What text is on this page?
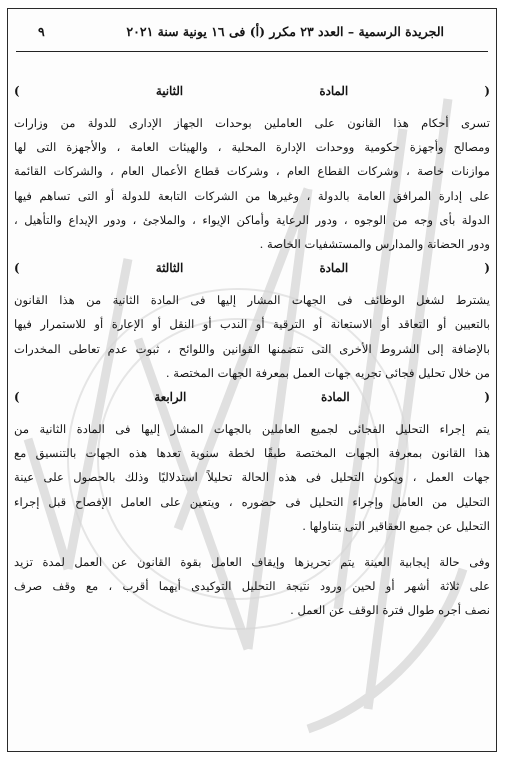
الجريدة الرسمية – العدد ٢٣ مكرر (أ) فى ١٦ يونية سنة ٢٠٢١
٩

( المادة الثانية )

تسرى أحكام هذا القانون على العاملين بوحدات الجهاز الإدارى للدولة من وزارات

ومصالح وأجهزة حكومية ووحدات الإدارة المحلية ، والهيئات العامة ، والأجهزة التى لها

موازنات خاصة ، وشركات القطاع العام ، وشركات قطاع الأعمال العام ، والشركات القائمة

على إدارة المرافق العامة بالدولة ، وغيرها من الشركات التابعة للدولة أو التى تساهم فيها

الدولة بأى وجه من الوجوه ، ودور الرعاية وأماكن الإيواء ، والملاجئ ، ودور الإيداع والتأهيل ،

ودور الحضانة والمدارس والمستشفيات الخاصة .

( المادة الثالثة )

يشترط لشغل الوظائف فى الجهات المشار إليها فى المادة الثانية من هذا القانون

بالتعيين أو التعاقد أو الاستعانة أو الترقية أو الندب أو النقل أو الإعارة أو للاستمرار فيها

بالإضافة إلى الشروط الأخرى التى تتضمنها القوانين واللوائح ، ثبوت عدم تعاطى المخدرات

من خلال تحليل فجائى تجريه جهات العمل بمعرفة الجهات المختصة .

( المادة الرابعة )

يتم إجراء التحليل الفجائى لجميع العاملين بالجهات المشار إليها فى المادة الثانية من

هذا القانون بمعرفة الجهات المختصة طبقًا لخطة سنوية تعدها هذه الجهات بالتنسيق مع

جهات العمل ، ويكون التحليل فى هذه الحالة تحليلاً استدلاليًا وذلك بالحصول على عينة

التحليل من العامل وإجراء التحليل فى حضوره ، ويتعين على العامل الإفصاح قبل إجراء

التحليل عن جميع العقاقير التى يتناولها .

وفى حالة إيجابية العينة يتم تحريزها وإيقاف العامل بقوة القانون عن العمل لمدة تزيد

على ثلاثة أشهر أو لحين ورود نتيجة التحليل التوكيدى أيهما أقرب ، مع وقف صرف

نصف أجره طوال فترة الوقف عن العمل .
